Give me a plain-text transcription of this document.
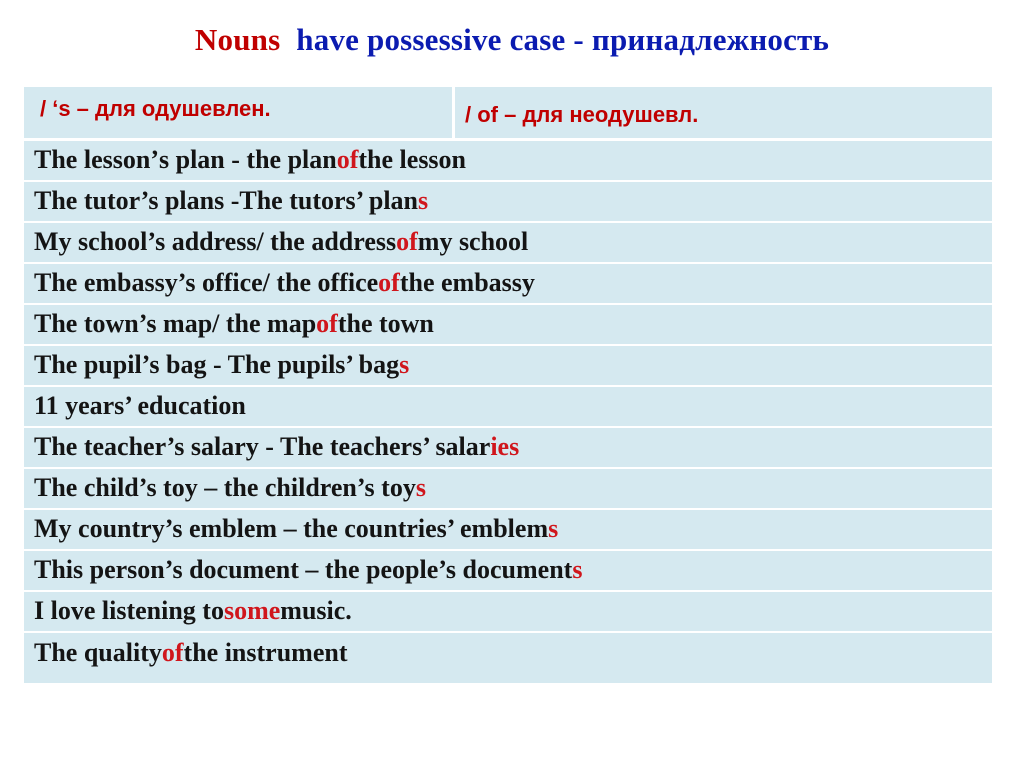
Nouns have possessive case - принадлежность
/ ‘s – для одушевлен.	/ of – для неодушевл.
The lesson ’ s plan - the plan of the lesson
The tutor’s plans -The tutors’ plan s
My school’s address/ the address of my school
The embassy’s office/ the office of the embassy
The town’s map/ the map of the town
The pupil’s bag - The pupils’ bag s
11 years’ education
The teacher’s salary - The teachers’ salar ies
The child’s toy – the children’s toy s
My country’s emblem – the countries’ emblem s
This person’s document – the people’s document s
I love listening to some music.
The quality of the instrument
